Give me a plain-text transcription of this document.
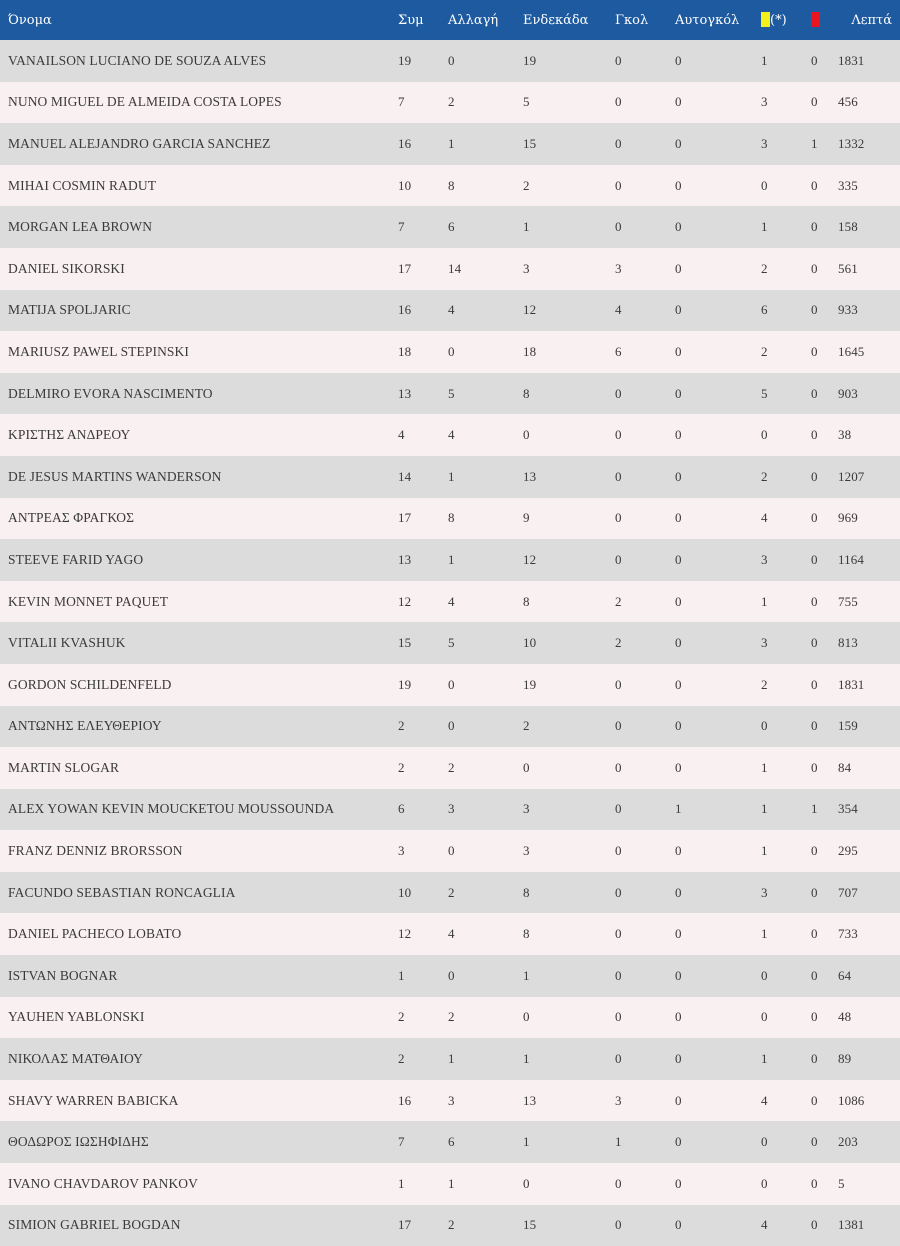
Όνομα	Συμ	Αλλαγή	Ενδεκάδα	Γκολ	Αυτογκόλ	(*)		Λεπτά
VANAILSON LUCIANO DE SOUZA ALVES	19	0	19	0	0	1	0	1831
NUNO MIGUEL DE ALMEIDA COSTA LOPES	7	2	5	0	0	3	0	456
MANUEL ALEJANDRO GARCIA SANCHEZ	16	1	15	0	0	3	1	1332
MIHAI COSMIN RADUT	10	8	2	0	0	0	0	335
MORGAN LEA BROWN	7	6	1	0	0	1	0	158
DANIEL SIKORSKI	17	14	3	3	0	2	0	561
MATIJA SPOLJARIC	16	4	12	4	0	6	0	933
MARIUSZ PAWEL STEPINSKI	18	0	18	6	0	2	0	1645
DELMIRO EVORA NASCIMENTO	13	5	8	0	0	5	0	903
ΚΡΙΣΤΗΣ ΑΝΔΡΕΟΥ	4	4	0	0	0	0	0	38
DE JESUS MARTINS WANDERSON	14	1	13	0	0	2	0	1207
ΑΝΤΡΕΑΣ ΦΡΑΓΚΟΣ	17	8	9	0	0	4	0	969
STEEVE FARID YAGO	13	1	12	0	0	3	0	1164
KEVIN MONNET PAQUET	12	4	8	2	0	1	0	755
VITALII KVASHUK	15	5	10	2	0	3	0	813
GORDON SCHILDENFELD	19	0	19	0	0	2	0	1831
ΑΝΤΩΝΗΣ ΕΛΕΥΘΕΡΙΟΥ	2	0	2	0	0	0	0	159
MARTIN SLOGAR	2	2	0	0	0	1	0	84
ALEX YOWAN KEVIN MOUCKETOU MOUSSOUNDA	6	3	3	0	1	1	1	354
FRANZ DENNIZ BRORSSON	3	0	3	0	0	1	0	295
FACUNDO SEBASTIAN RONCAGLIA	10	2	8	0	0	3	0	707
DANIEL PACHECO LOBATO	12	4	8	0	0	1	0	733
ISTVAN BOGNAR	1	0	1	0	0	0	0	64
YAUHEN YABLONSKI	2	2	0	0	0	0	0	48
ΝΙΚΟΛΑΣ ΜΑΤΘΑΙΟΥ	2	1	1	0	0	1	0	89
SHAVY WARREN BABICKA	16	3	13	3	0	4	0	1086
ΘΟΔΩΡΟΣ ΙΩΣΗΦΙΔΗΣ	7	6	1	1	0	0	0	203
IVANO CHAVDAROV PANKOV	1	1	0	0	0	0	0	5
SIMION GABRIEL BOGDAN	17	2	15	0	0	4	0	1381
